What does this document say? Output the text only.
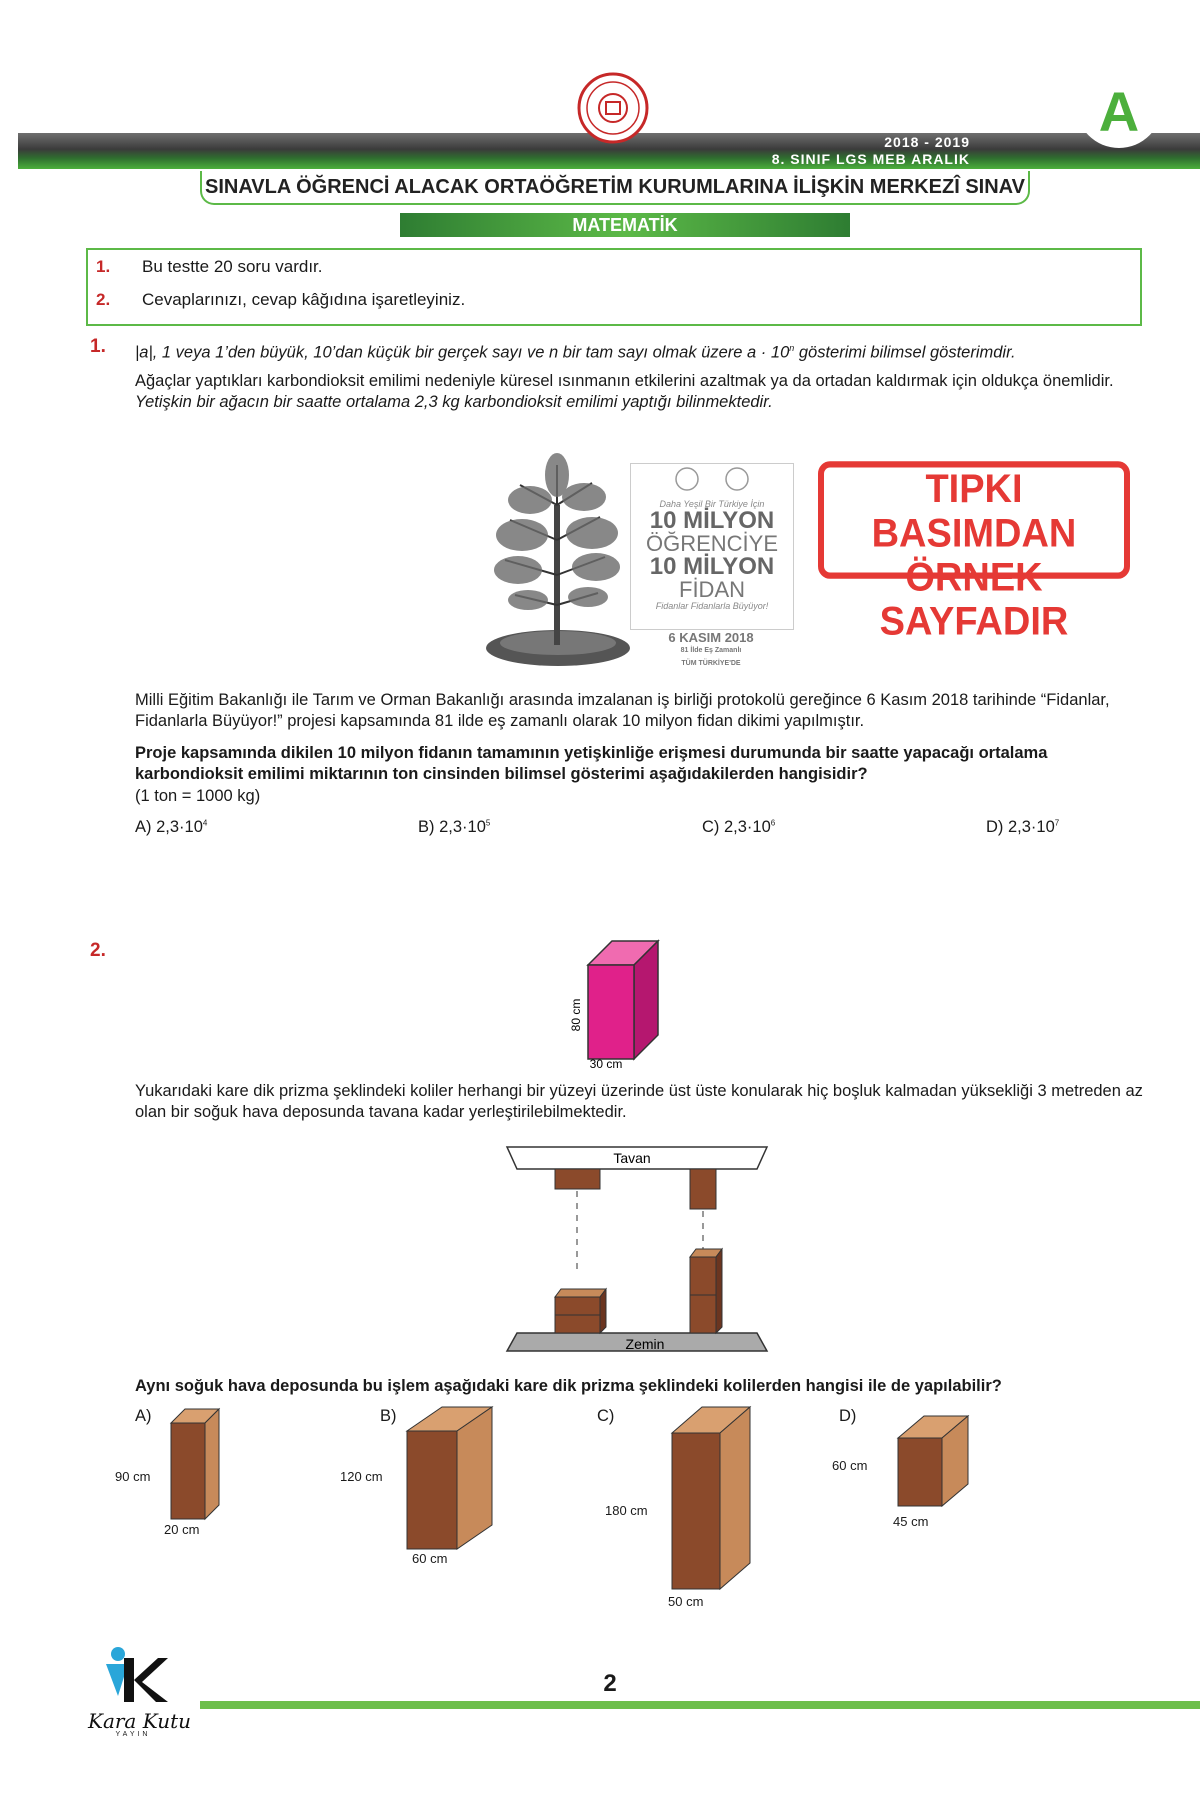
2018 - 2019
8. SINIF LGS MEB ARALIK
A
SINAVLA ÖĞRENCİ ALACAK ORTAÖĞRETİM KURUMLARINA İLİŞKİN MERKEZÎ SINAV
MATEMATİK
1. Bu testte 20 soru vardır.
2. Cevaplarınızı, cevap kâğıdına işaretleyiniz.
1. |a|, 1 veya 1’den büyük, 10’dan küçük bir gerçek sayı ve n bir tam sayı olmak üzere $a \cdot 10^n$ gösterimi bilimsel gösterimdir.
Ağaçlar yaptıkları karbondioksit emilimi nedeniyle küresel ısınmanın etkilerini azaltmak ya da ortadan kaldırmak için oldukça önemlidir. Yetişkin bir ağacın bir saatte ortalama 2,3 kg karbondioksit emilimi yaptığı bilinmektedir.
Daha Yeşil Bir Türkiye İçin
10 MİLYON
ÖĞRENCİYE
10 MİLYON
FİDAN
Fidanlar Fidanlarla Büyüyor!
6 KASIM 2018
81 İlde Eş Zamanlı
TÜM TÜRKİYE'DE
TIPKI BASIMDAN
ÖRNEK SAYFADIR
Milli Eğitim Bakanlığı ile Tarım ve Orman Bakanlığı arasında imzalanan iş birliği protokolü gereğince 6 Kasım 2018 tarihinde “Fidanlar, Fidanlarla Büyüyor!” projesi kapsamında 81 ilde eş zamanlı olarak 10 milyon fidan dikimi yapılmıştır.
Proje kapsamında dikilen 10 milyon fidanın tamamının yetişkinliğe erişmesi durumunda bir saatte yapacağı ortalama karbondioksit emilimi miktarının ton cinsinden bilimsel gösterimi aşağıdakilerden hangisidir?
(1 ton = 1000 kg)
A) $2,3\cdot 10^4$	B) $2,3\cdot 10^5$	C) $2,3\cdot 10^6$	D) $2,3\cdot 10^7$
2.
80 cm
30 cm
Yukarıdaki kare dik prizma şeklindeki koliler herhangi bir yüzeyi üzerinde üst üste konularak hiç boşluk kalmadan yüksekliği 3 metreden az olan bir soğuk hava deposunda tavana kadar yerleştirilebilmektedir.
Tavan
Zemin
Aynı soğuk hava deposunda bu işlem aşağıdaki kare dik prizma şeklindeki kolilerden hangisi ile de yapılabilir?
A)
90 cm
20 cm
B)
120 cm
60 cm
C)
180 cm
50 cm
D)
60 cm
45 cm
Kara Kutu
YAYIN
2
